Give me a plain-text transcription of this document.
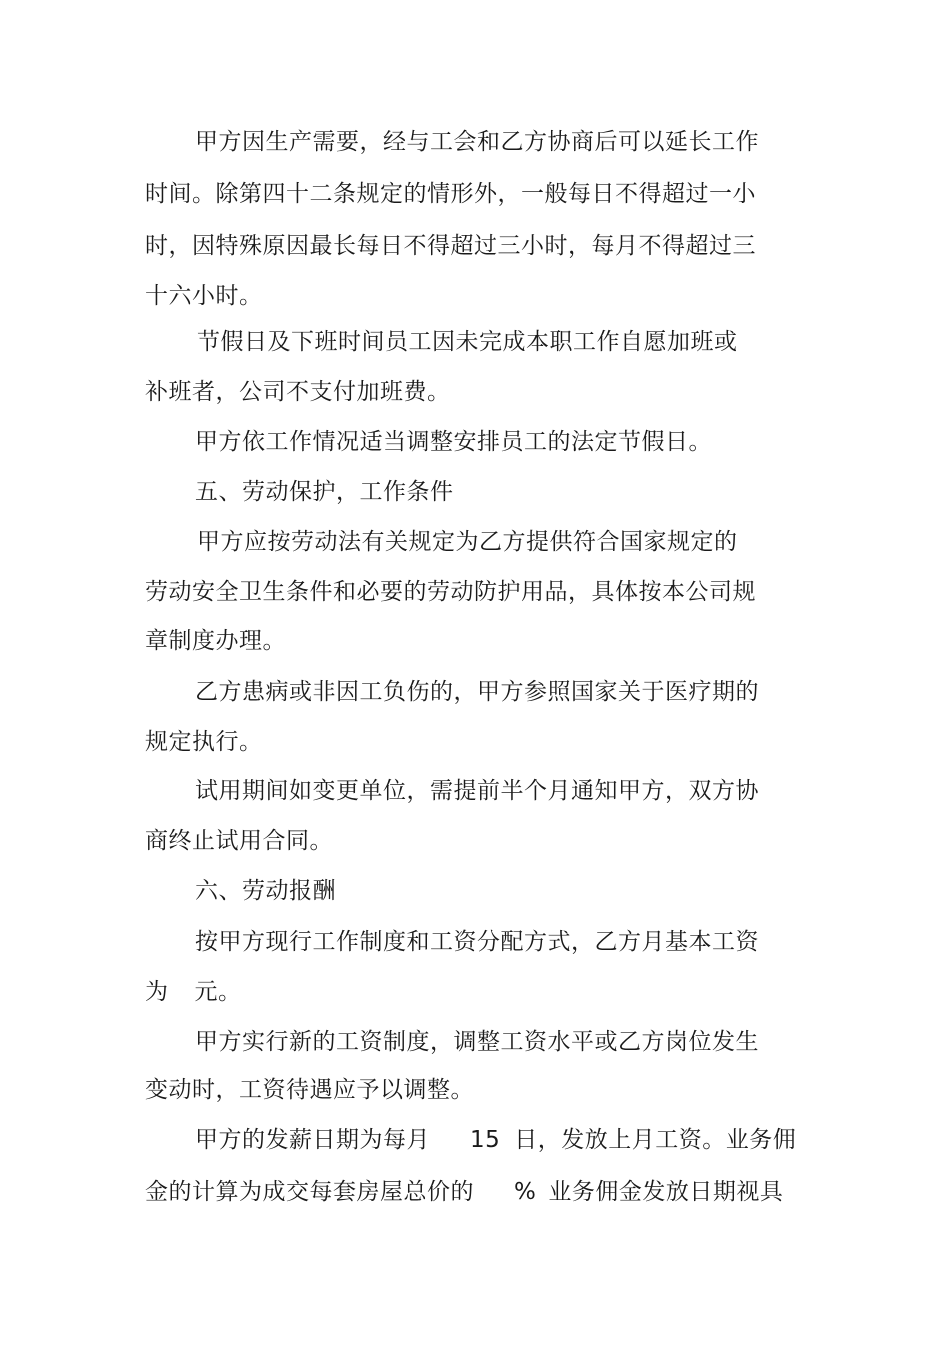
甲方因生产需要，经与工会和乙方协商后可以延长工作
时间。除第四十二条规定的情形外，一般每日不得超过一小
时，因特殊原因最长每日不得超过三小时，每月不得超过三
十六小时。
节假日及下班时间员工因未完成本职工作自愿加班或
补班者，公司不支付加班费。
甲方依工作情况适当调整安排员工的法定节假日。
五、劳动保护，工作条件
甲方应按劳动法有关规定为乙方提供符合国家规定的
劳动安全卫生条件和必要的劳动防护用品，具体按本公司规
章制度办理。
乙方患病或非因工负伤的，甲方参照国家关于医疗期的
规定执行。
试用期间如变更单位，需提前半个月通知甲方，双方协
商终止试用合同。
六、劳动报酬
按甲方现行工作制度和工资分配方式，乙方月基本工资
为 元。
甲方实行新的工资制度，调整工资水平或乙方岗位发生
变动时，工资待遇应予以调整。
甲方的发薪日期为每月 15 日，发放上月工资。业务佣
金的计算为成交每套房屋总价的 % 业务佣金发放日期视具
